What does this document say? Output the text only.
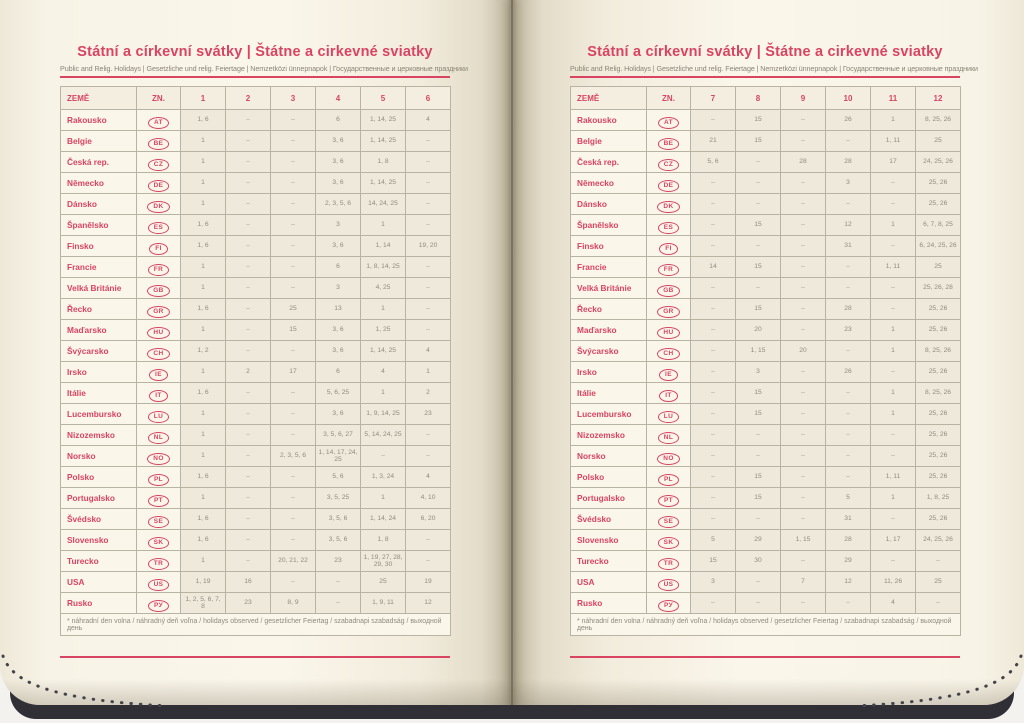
Státní a církevní svátky | Štátne a cirkevné sviatky

Public and Relig. Holidays | Gesetzliche und relig. Feiertage | Nemzetközi ünnepnapok | Государственные и церковные праздники

ZEMĚ	ZN.	1	2	3	4	5	6
Rakousko	AT	1, 6	–	–	6	1, 14, 25	4
Belgie	BE	1	–	–	3, 6	1, 14, 25	–
Česká rep.	CZ	1	–	–	3, 6	1, 8	–
Německo	DE	1	–	–	3, 6	1, 14, 25	–
Dánsko	DK	1	–	–	2, 3, 5, 6	14, 24, 25	–
Španělsko	ES	1, 6	–	–	3	1	–
Finsko	FI	1, 6	–	–	3, 6	1, 14	19, 20
Francie	FR	1	–	–	6	1, 8, 14, 25	–
Velká Británie	GB	1	–	–	3	4, 25	–
Řecko	GR	1, 6	–	25	13	1	–
Maďarsko	HU	1	–	15	3, 6	1, 25	–
Švýcarsko	CH	1, 2	–	–	3, 6	1, 14, 25	4
Irsko	IE	1	2	17	6	4	1
Itálie	IT	1, 6	–	–	5, 6, 25	1	2
Lucembursko	LU	1	–	–	3, 6	1, 9, 14, 25	23
Nizozemsko	NL	1	–	–	3, 5, 6, 27	5, 14, 24, 25	–
Norsko	NO	1	–	2, 3, 5, 6	1, 14, 17, 24, 25	–	–
Polsko	PL	1, 6	–	–	5, 6	1, 3, 24	4
Portugalsko	PT	1	–	–	3, 5, 25	1	4, 10
Švédsko	SE	1, 6	–	–	3, 5, 6	1, 14, 24	6, 20
Slovensko	SK	1, 6	–	–	3, 5, 6	1, 8	–
Turecko	TR	1	–	20, 21, 22	23	1, 19, 27, 28, 29, 30	–
USA	US	1, 19	16	–	–	25	19
Rusko	РУ	1, 2, 5, 6, 7, 8	23	8, 9	–	1, 9, 11	12
* náhradní den volna / náhradný deň voľna / holidays observed / gesetzlicher Feiertag / szabadnapi szabadság / выходной день							
Státní a církevní svátky | Štátne a cirkevné sviatky

Public and Relig. Holidays | Gesetzliche und relig. Feiertage | Nemzetközi ünnepnapok | Государственные и церковные праздники

ZEMĚ	ZN.	7	8	9	10	11	12
Rakousko	AT	–	15	–	26	1	8, 25, 26
Belgie	BE	21	15	–	–	1, 11	25
Česká rep.	CZ	5, 6	–	28	28	17	24, 25, 26
Německo	DE	–	–	–	3	–	25, 26
Dánsko	DK	–	–	–	–	–	25, 26
Španělsko	ES	–	15	–	12	1	6, 7, 8, 25
Finsko	FI	–	–	–	31	–	6, 24, 25, 26
Francie	FR	14	15	–	–	1, 11	25
Velká Británie	GB	–	–	–	–	–	25, 26, 28
Řecko	GR	–	15	–	28	–	25, 26
Maďarsko	HU	–	20	–	23	1	25, 26
Švýcarsko	CH	–	1, 15	20	–	1	8, 25, 26
Irsko	IE	–	3	–	26	–	25, 26
Itálie	IT	–	15	–	–	1	8, 25, 26
Lucembursko	LU	–	15	–	–	1	25, 26
Nizozemsko	NL	–	–	–	–	–	25, 26
Norsko	NO	–	–	–	–	–	25, 26
Polsko	PL	–	15	–	–	1, 11	25, 26
Portugalsko	PT	–	15	–	5	1	1, 8, 25
Švédsko	SE	–	–	–	31	–	25, 26
Slovensko	SK	5	29	1, 15	28	1, 17	24, 25, 26
Turecko	TR	15	30	–	29	–	–
USA	US	3	–	7	12	11, 26	25
Rusko	РУ	–	–	–	–	4	–
* náhradní den volna / náhradný deň voľna / holidays observed / gesetzlicher Feiertag / szabadnapi szabadság / выходной день							
